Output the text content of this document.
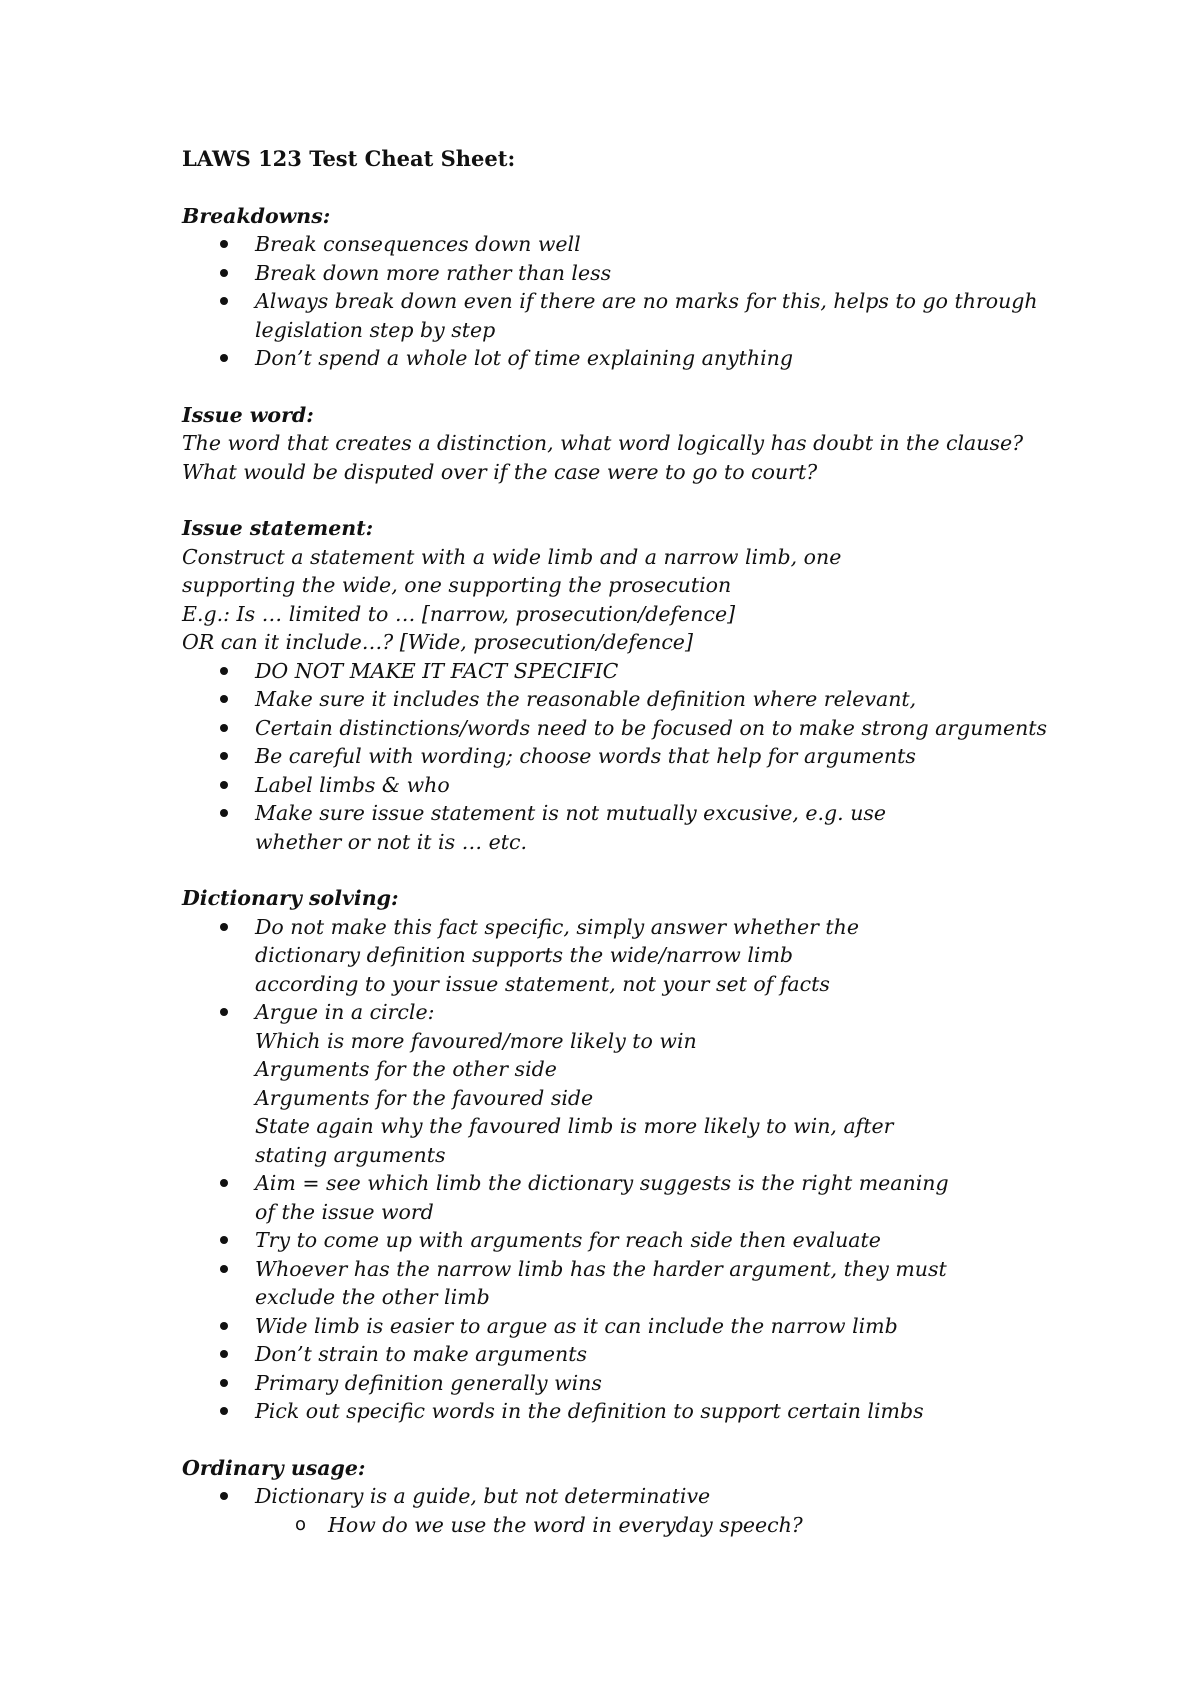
LAWS 123 Test Cheat Sheet:
Breakdowns:
Break consequences down well
Break down more rather than less
Always break down even if there are no marks for this, helps to go through legislation step by step
Don’t spend a whole lot of time explaining anything
Issue word:
The word that creates a distinction, what word logically has doubt in the clause?
What would be disputed over if the case were to go to court?
Issue statement:
Construct a statement with a wide limb and a narrow limb, one supporting the wide, one supporting the prosecution
E.g.: Is … limited to … [narrow, prosecution/defence]
OR can it include…? [Wide, prosecution/defence]
DO NOT MAKE IT FACT SPECIFIC
Make sure it includes the reasonable definition where relevant,
Certain distinctions/words need to be focused on to make strong arguments
Be careful with wording; choose words that help for arguments
Label limbs & who
Make sure issue statement is not mutually excusive, e.g. use whether or not it is … etc.
Dictionary solving:
Do not make this fact specific, simply answer whether the dictionary definition supports the wide/narrow limb according to your issue statement, not your set of facts
Argue in a circle:
Which is more favoured/more likely to win
Arguments for the other side
Arguments for the favoured side
State again why the favoured limb is more likely to win, after stating arguments
Aim = see which limb the dictionary suggests is the right meaning of the issue word
Try to come up with arguments for reach side then evaluate
Whoever has the narrow limb has the harder argument, they must exclude the other limb
Wide limb is easier to argue as it can include the narrow limb
Don’t strain to make arguments
Primary definition generally wins
Pick out specific words in the definition to support certain limbs
Ordinary usage:
Dictionary is a guide, but not determinative
o How do we use the word in everyday speech?
